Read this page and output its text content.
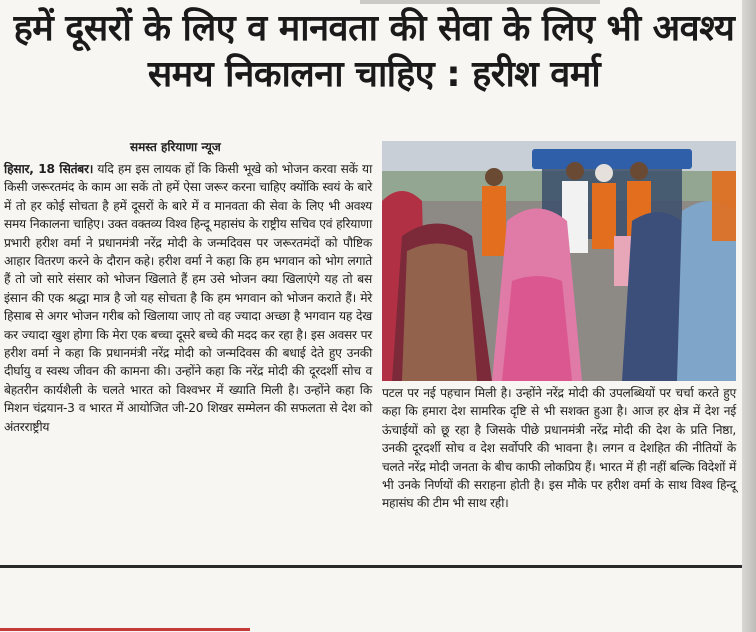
हमें दूसरों के लिए व मानवता की सेवा के लिए भी अवश्य समय निकालना चाहिए : हरीश वर्मा
समस्त हरियाणा न्यूज
हिसार, 18 सितंबर। यदि हम इस लायक हों कि किसी भूखे को भोजन करवा सकें या किसी जरूरतमंद के काम आ सकें तो हमें ऐसा जरूर करना चाहिए क्योंकि स्वयं के बारे में तो हर कोई सोचता है हमें दूसरों के बारे में व मानवता की सेवा के लिए भी अवश्य समय निकालना चाहिए। उक्त वक्तव्य विश्व हिन्दू महासंघ के राष्ट्रीय सचिव एवं हरियाणा प्रभारी हरीश वर्मा ने प्रधानमंत्री नरेंद्र मोदी के जन्मदिवस पर जरूरतमंदों को पौष्टिक आहार वितरण करने के दौरान कहे। हरीश वर्मा ने कहा कि हम भगवान को भोग लगाते हैं तो जो सारे संसार को भोजन खिलाते हैं हम उसे भोजन क्या खिलाएंगे यह तो बस इंसान की एक श्रद्धा मात्र है जो यह सोचता है कि हम भगवान को भोजन कराते हैं। मेरे हिसाब से अगर भोजन गरीब को खिलाया जाए तो वह ज्यादा अच्छा है भगवान यह देख कर ज्यादा खुश होगा कि मेरा एक बच्चा दूसरे बच्चे की मदद कर रहा है। इस अवसर पर हरीश वर्मा ने कहा कि प्रधानमंत्री नरेंद्र मोदी को जन्मदिवस की बधाई देते हुए उनकी दीर्घायु व स्वस्थ जीवन की कामना की। उन्होंने कहा कि नरेंद्र मोदी की दूरदर्शी सोच व बेहतरीन कार्यशैली के चलते भारत को विश्वभर में ख्याति मिली है। उन्होंने कहा कि मिशन चंद्रयान-3 व भारत में आयोजित जी-20 शिखर सम्मेलन की सफलता से देश को अंतरराष्ट्रीय
पटल पर नई पहचान मिली है। उन्होंने नरेंद्र मोदी की उपलब्धियों पर चर्चा करते हुए कहा कि हमारा देश सामरिक दृष्टि से भी सशक्त हुआ है। आज हर क्षेत्र में देश नई ऊंचाईयों को छू रहा है जिसके पीछे प्रधानमंत्री नरेंद्र मोदी की देश के प्रति निष्ठा, उनकी दूरदर्शी सोच व देश सर्वोपरि की भावना है। लगन व देशहित की नीतियों के चलते नरेंद्र मोदी जनता के बीच काफी लोकप्रिय हैं। भारत में ही नहीं बल्कि विदेशों में भी उनके निर्णयों की सराहना होती है। इस मौके पर हरीश वर्मा के साथ विश्व हिन्दू महासंघ की टीम भी साथ रही।
